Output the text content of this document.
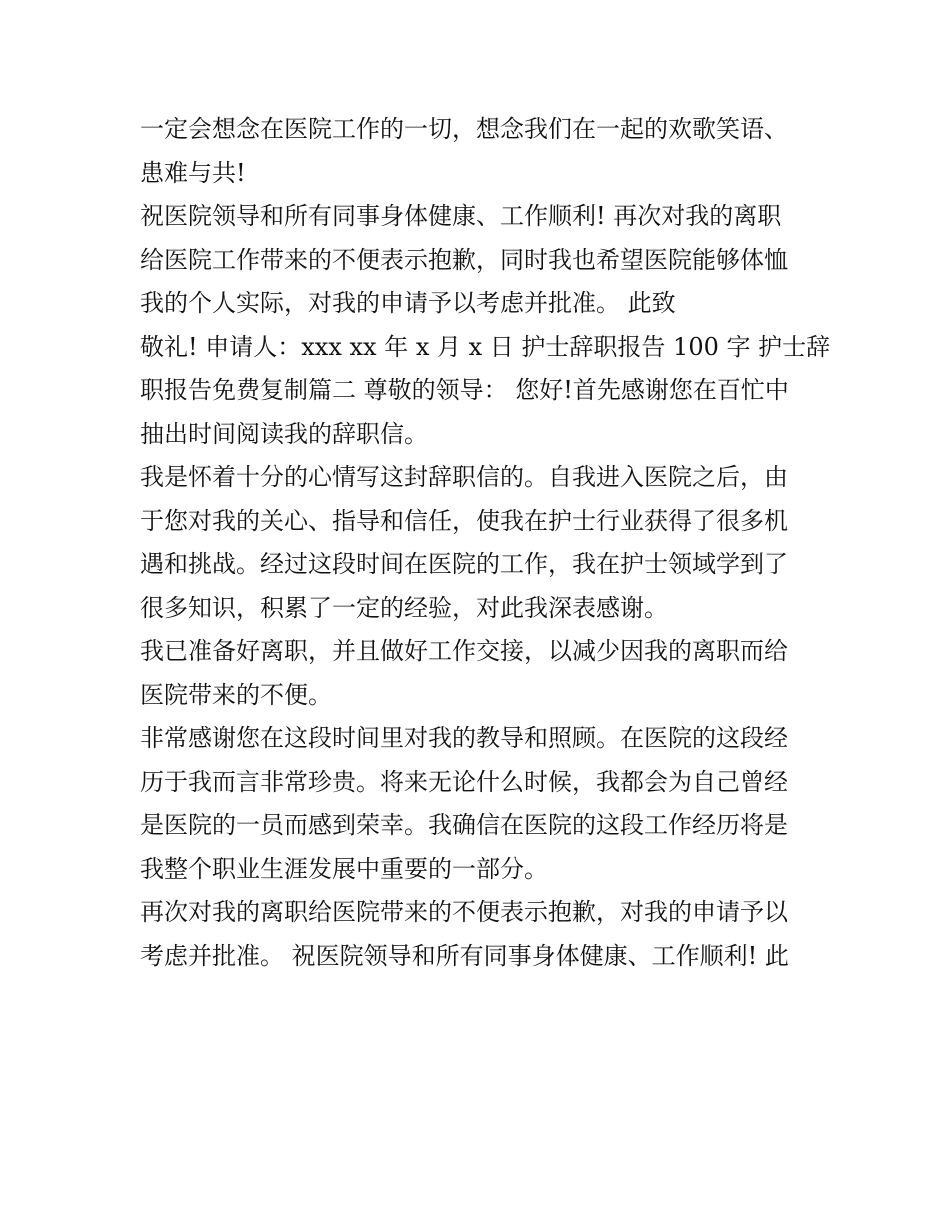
一定会想念在医院工作的一切，想念我们在一起的欢歌笑语、
患难与共!
祝医院领导和所有同事身体健康、工作顺利! 再次对我的离职
给医院工作带来的不便表示抱歉，同时我也希望医院能够体恤
我的个人实际，对我的申请予以考虑并批准。 此致
敬礼! 申请人：xxx xx 年 x 月 x 日 护士辞职报告 100 字 护士辞
职报告免费复制篇二 尊敬的领导： 您好!首先感谢您在百忙中
抽出时间阅读我的辞职信。
我是怀着十分的心情写这封辞职信的。自我进入医院之后，由
于您对我的关心、指导和信任，使我在护士行业获得了很多机
遇和挑战。经过这段时间在医院的工作，我在护士领域学到了
很多知识，积累了一定的经验，对此我深表感谢。
我已准备好离职，并且做好工作交接，以减少因我的离职而给
医院带来的不便。
非常感谢您在这段时间里对我的教导和照顾。在医院的这段经
历于我而言非常珍贵。将来无论什么时候，我都会为自己曾经
是医院的一员而感到荣幸。我确信在医院的这段工作经历将是
我整个职业生涯发展中重要的一部分。
再次对我的离职给医院带来的不便表示抱歉，对我的申请予以
考虑并批准。 祝医院领导和所有同事身体健康、工作顺利! 此
